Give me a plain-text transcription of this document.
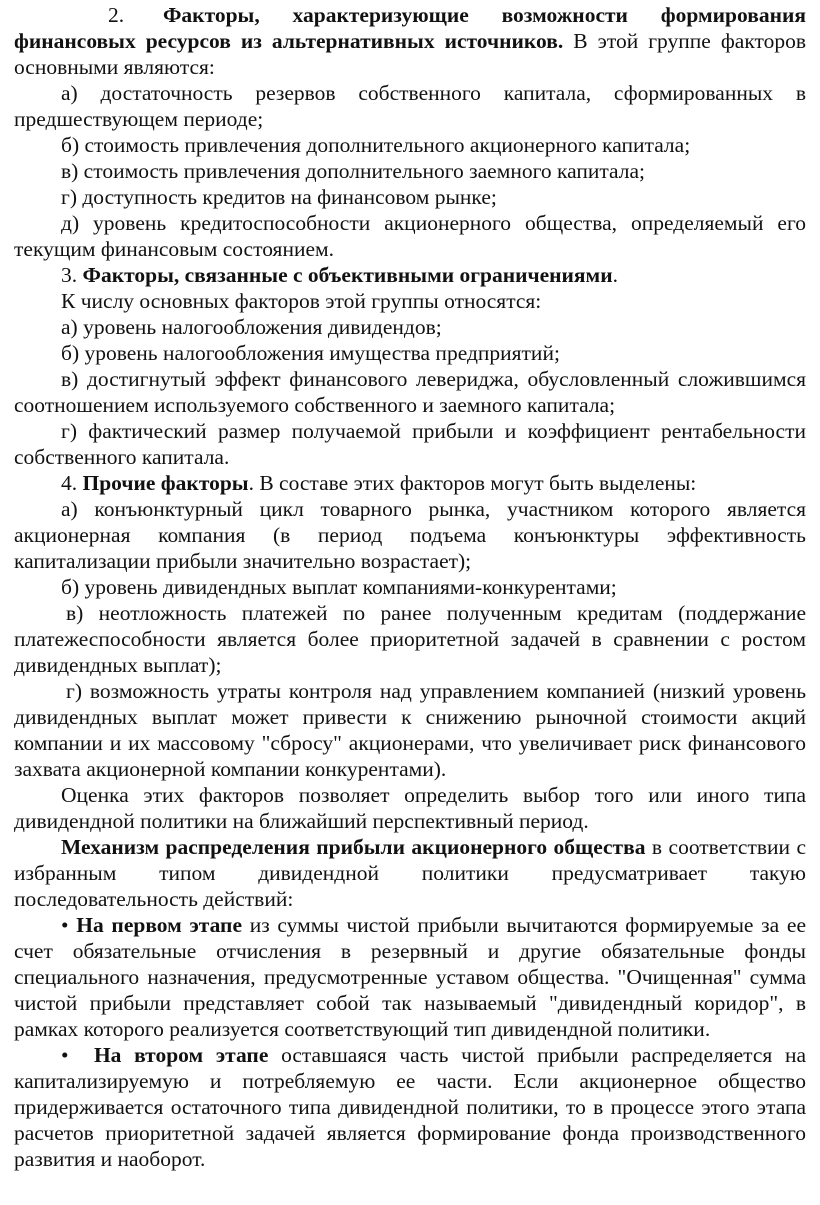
2. Факторы, характеризующие возможности формирования финансовых ресурсов из альтернативных источников. В этой группе факторов основными являются:

а) достаточность резервов собственного капитала, сформированных в предшествующем периоде;

б) стоимость привлечения дополнительного акционерного капитала;

в) стоимость привлечения дополнительного заемного капитала;

г) доступность кредитов на финансовом рынке;

д) уровень кредитоспособности акционерного общества, определяемый его текущим финансовым состоянием.

3. Факторы, связанные с объективными ограничениями.

К числу основных факторов этой группы относятся:

а) уровень налогообложения дивидендов;

б) уровень налогообложения имущества предприятий;

в) достигнутый эффект финансового левериджа, обусловленный сложившимся соотношением используемого собственного и заемного капитала;

г) фактический размер получаемой прибыли и коэффициент рентабельности собственного капитала.

4. Прочие факторы. В составе этих факторов могут быть выделены:

а) конъюнктурный цикл товарного рынка, участником которого является акционерная компания (в период подъема конъюнктуры эффективность капитализации прибыли значительно возрастает);

б) уровень дивидендных выплат компаниями-конкурентами;

в) неотложность платежей по ранее полученным кредитам (поддержание платежеспособности является более приоритетной задачей в сравнении с ростом дивидендных выплат);

г) возможность утраты контроля над управлением компанией (низкий уровень дивидендных выплат может привести к снижению рыночной стоимости акций компании и их массовому "сбросу" акционерами, что увеличивает риск финансового захвата акционерной компании конкурентами).

Оценка этих факторов позволяет определить выбор того или иного типа дивидендной политики на ближайший перспективный период.

Механизм распределения прибыли акционерного общества в соответствии с избранным типом дивидендной политики предусматривает такую последовательность действий:

• На первом этапе из суммы чистой прибыли вычитаются формируемые за ее счет обязательные отчисления в резервный и другие обязательные фонды специального назначения, предусмотренные уставом общества. "Очищенная" сумма чистой прибыли представляет собой так называемый "дивидендный коридор", в рамках которого реализуется соответствующий тип дивидендной политики.

• На втором этапе оставшаяся часть чистой прибыли распределяется на капитализируемую и потребляемую ее части. Если акционерное общество придерживается остаточного типа дивидендной политики, то в процессе этого этапа расчетов приоритетной задачей является формирование фонда производственного развития и наоборот.
